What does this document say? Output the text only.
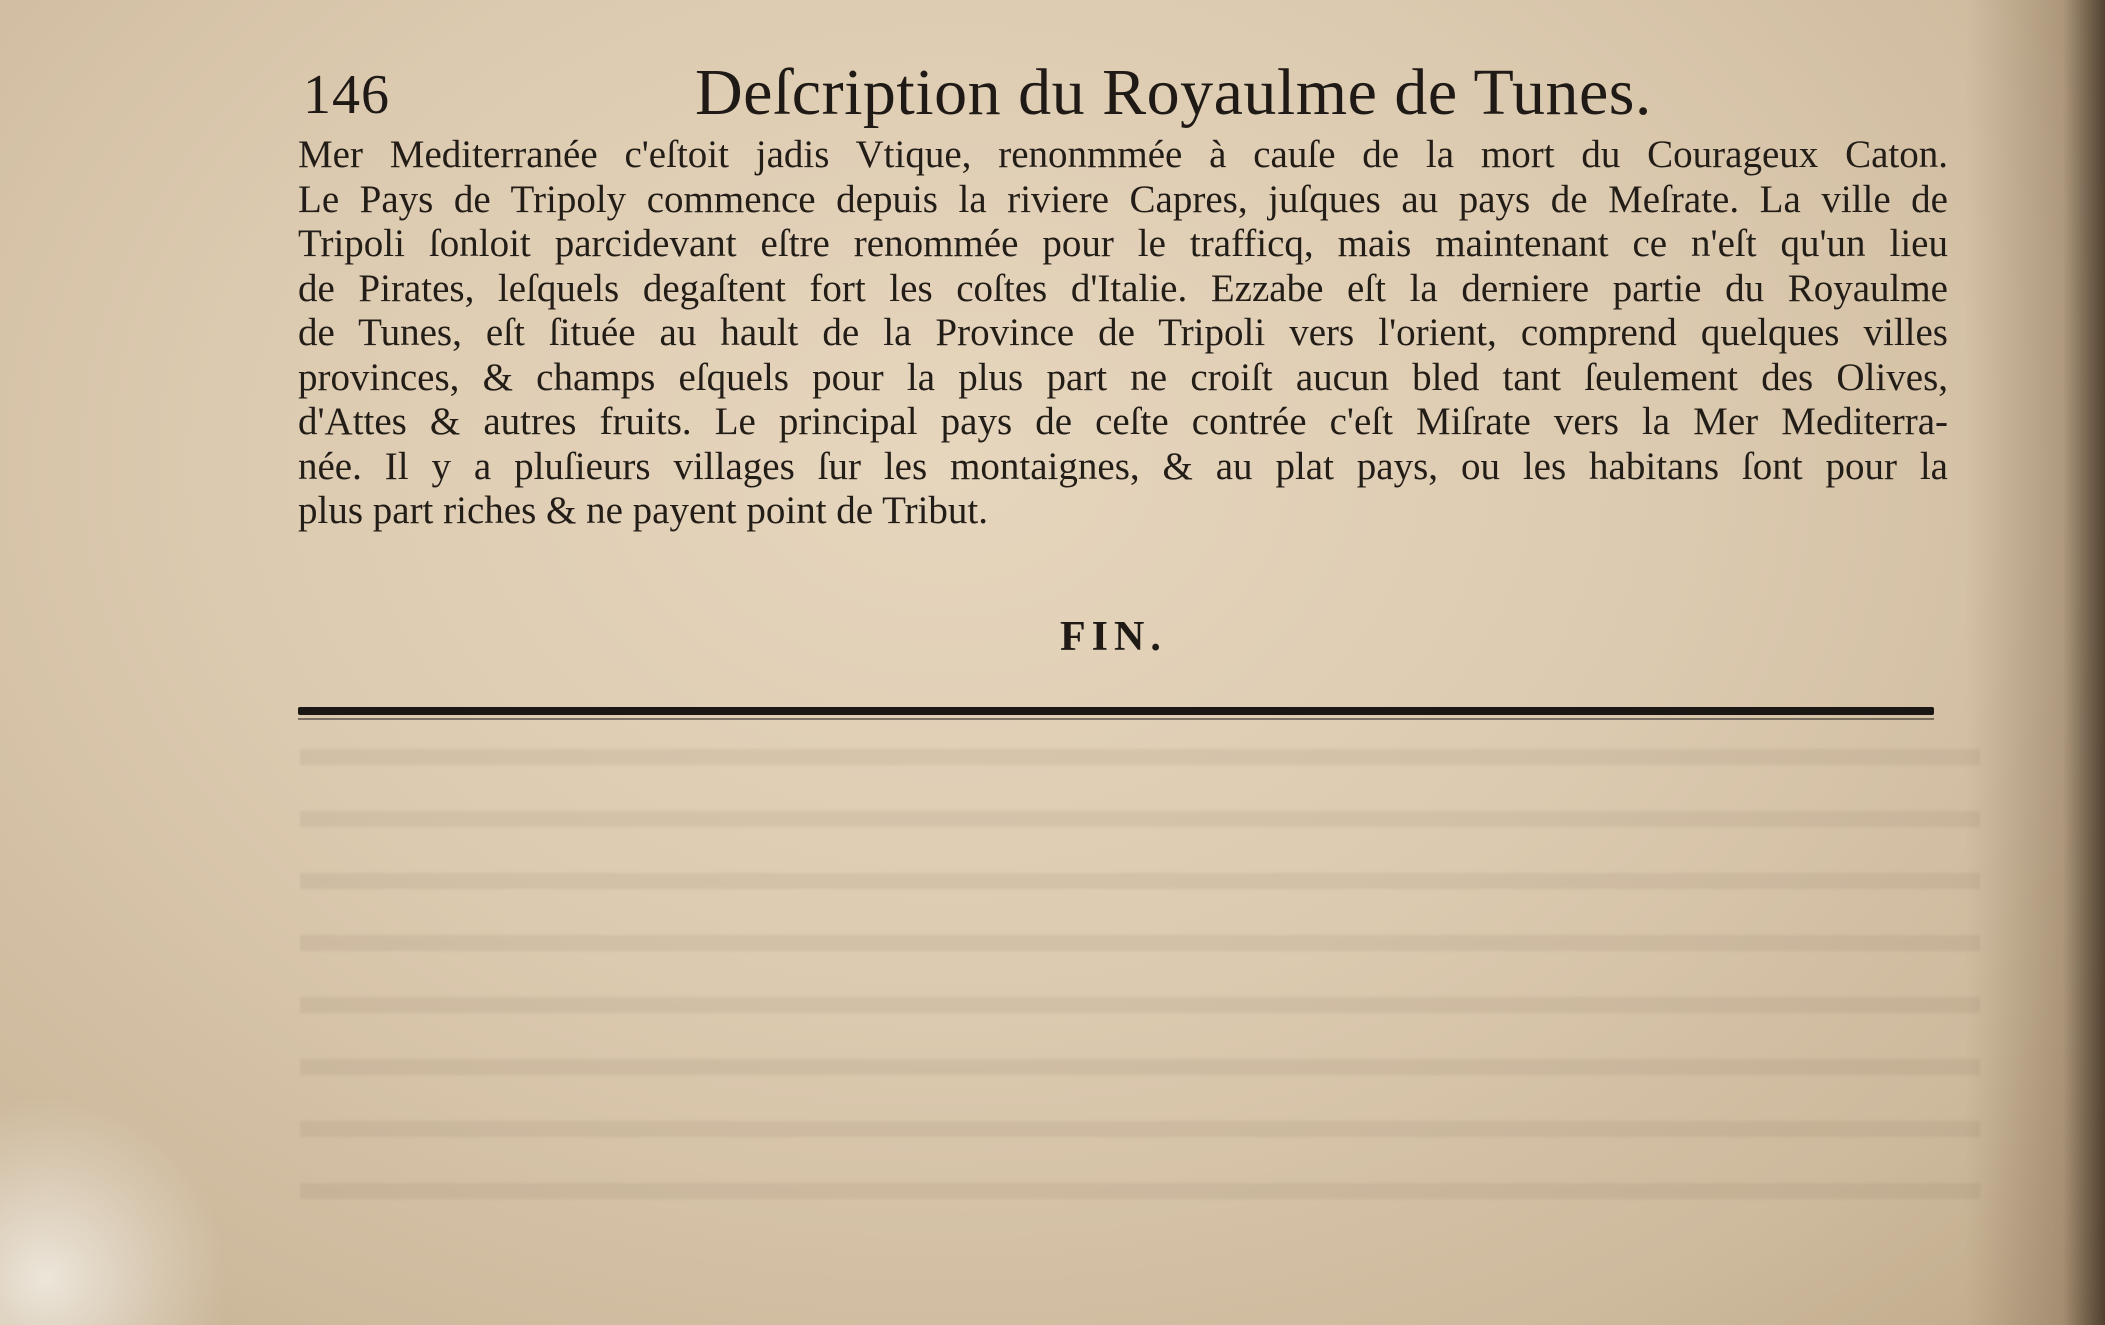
146	Deſcription du Royaulme de Tunes.
Mer Mediterranée c'eſtoit jadis Vtique, renonmmée à cauſe de la mort du Courageux Caton.
Le Pays de Tripoly commence depuis la riviere Capres, juſques au pays de Meſrate. La ville de
Tripoli ſonloit parcidevant eſtre renommée pour le trafficq, mais maintenant ce n'eſt qu'un lieu
de Pirates, leſquels degaſtent fort les coſtes d'Italie. Ezzabe eſt la derniere partie du Royaulme
de Tunes, eſt ſituée au hault de la Province de Tripoli vers l'orient, comprend quelques villes
provinces, & champs eſquels pour la plus part ne croiſt aucun bled tant ſeulement des Olives,
d'Attes & autres fruits. Le principal pays de ceſte contrée c'eſt Miſrate vers la Mer Mediterra-
née. Il y a pluſieurs villages ſur les montaignes, & au plat pays, ou les habitans ſont pour la
plus part riches & ne payent point de Tribut.
FIN.
